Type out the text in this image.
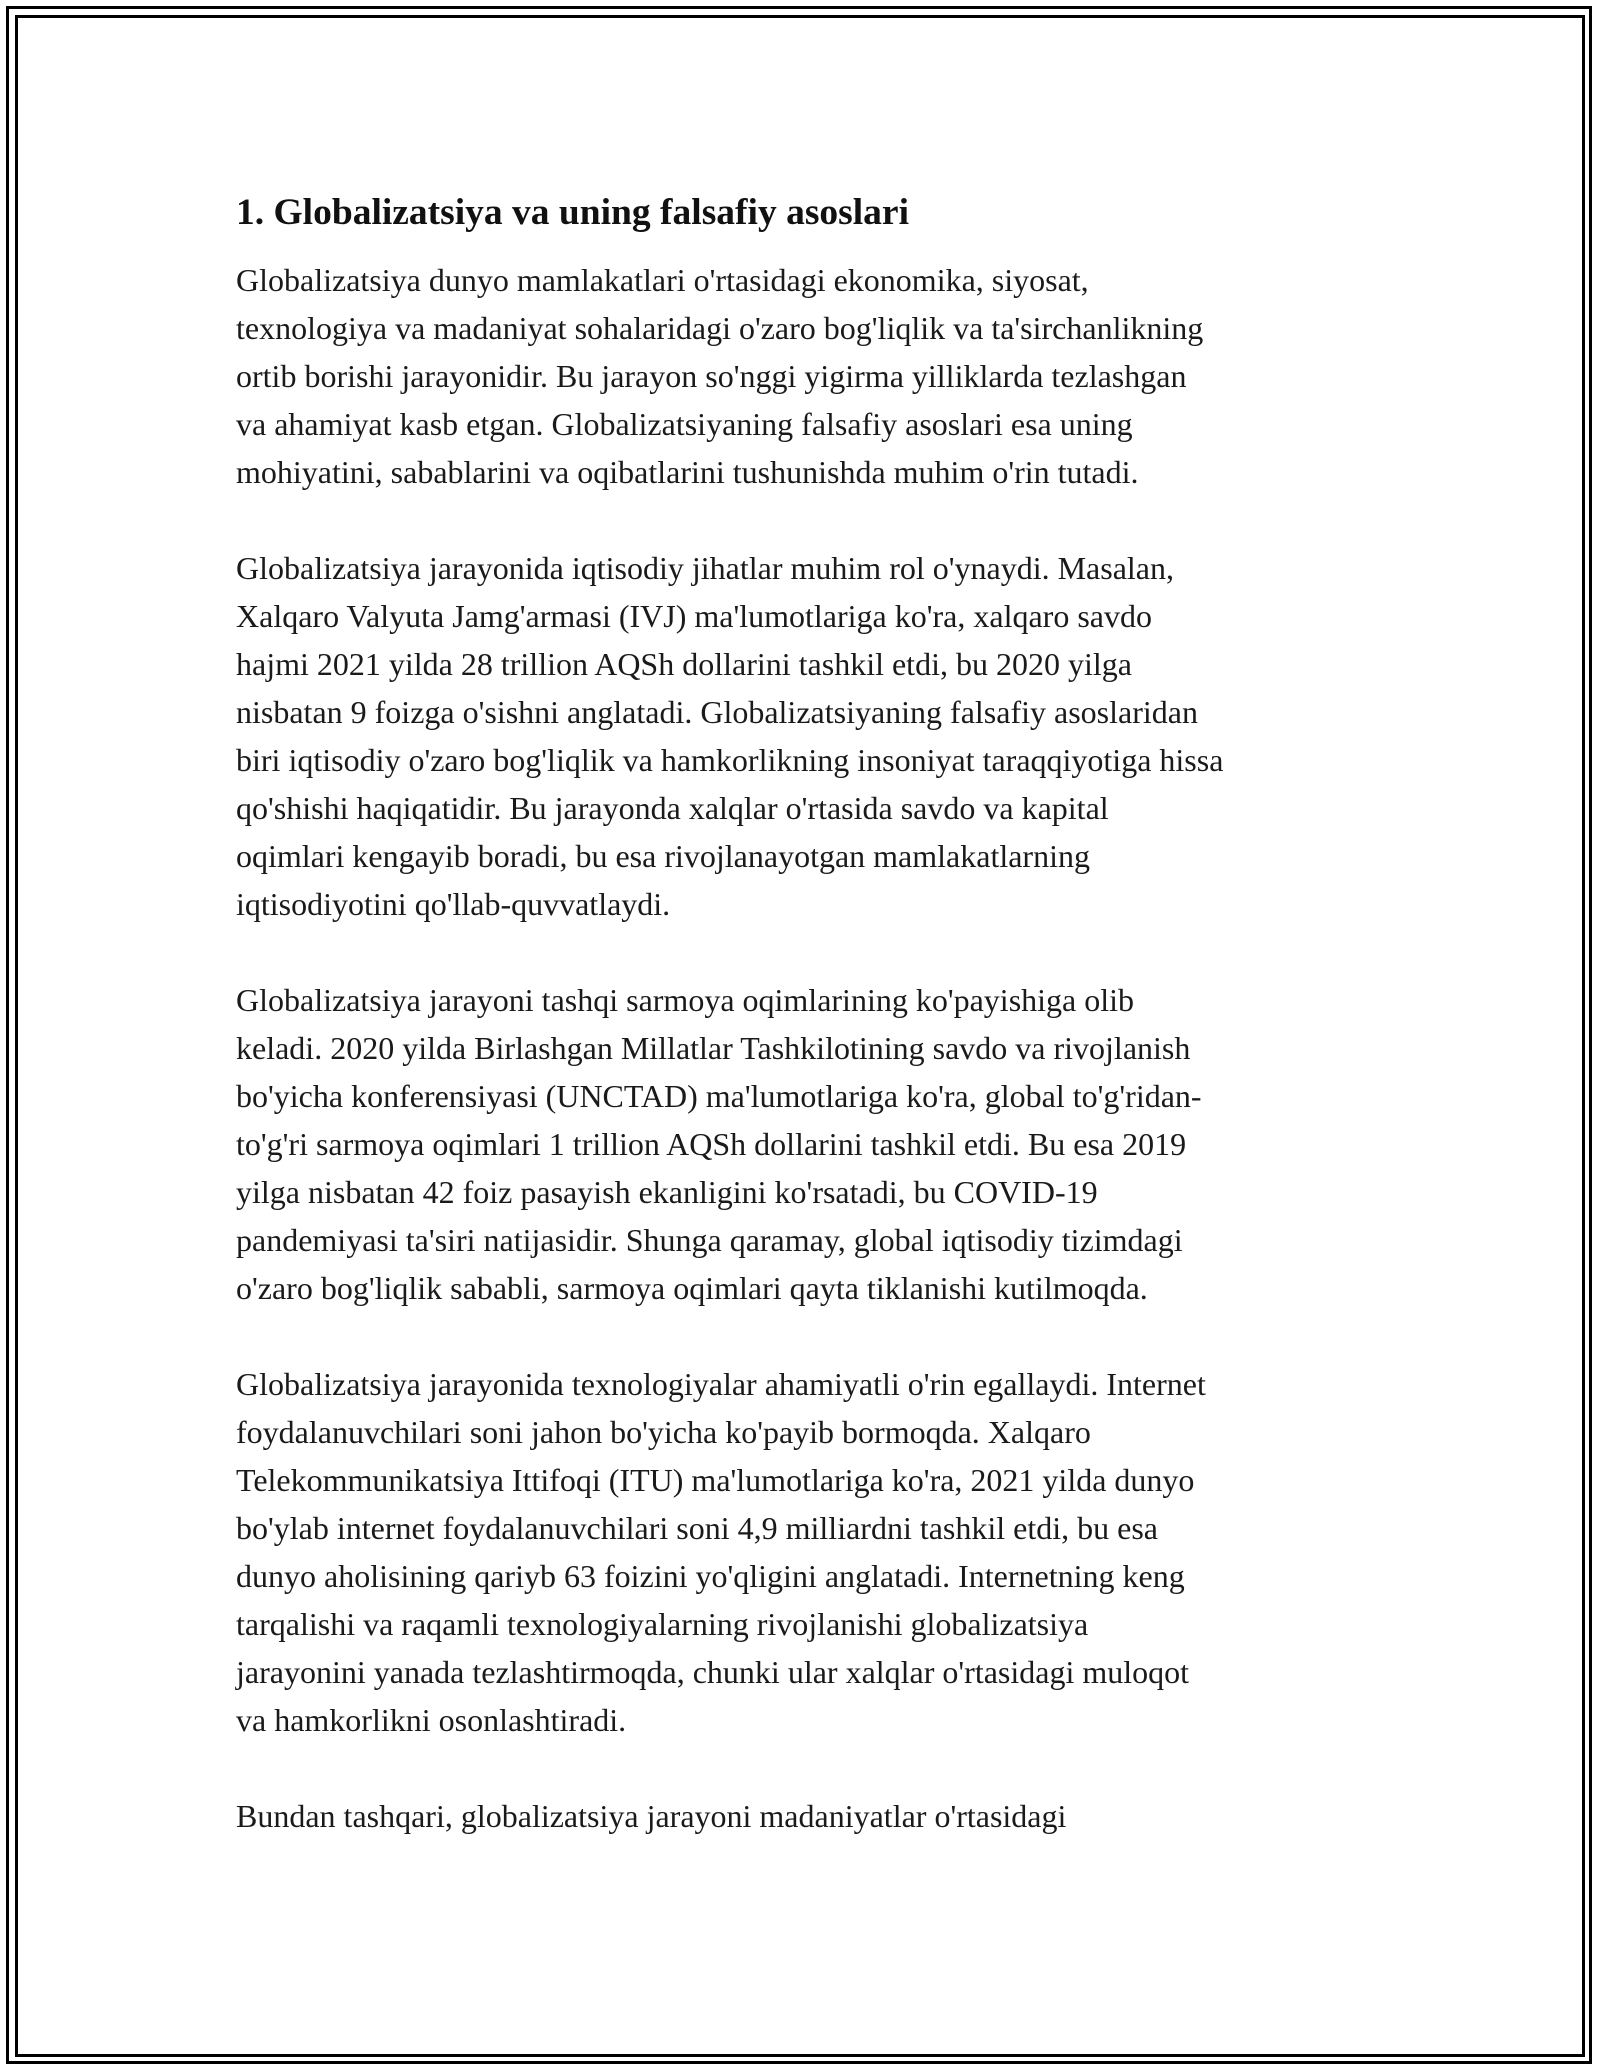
1. Globalizatsiya va uning falsafiy asoslari

Globalizatsiya dunyo mamlakatlari o'rtasidagi ekonomika, siyosat,
texnologiya va madaniyat sohalaridagi o'zaro bog'liqlik va ta'sirchanlikning
ortib borishi jarayonidir. Bu jarayon so'nggi yigirma yilliklarda tezlashgan
va ahamiyat kasb etgan. Globalizatsiyaning falsafiy asoslari esa uning
mohiyatini, sabablarini va oqibatlarini tushunishda muhim o'rin tutadi.

Globalizatsiya jarayonida iqtisodiy jihatlar muhim rol o'ynaydi. Masalan,
Xalqaro Valyuta Jamg'armasi (IVJ) ma'lumotlariga ko'ra, xalqaro savdo
hajmi 2021 yilda 28 trillion AQSh dollarini tashkil etdi, bu 2020 yilga
nisbatan 9 foizga o'sishni anglatadi. Globalizatsiyaning falsafiy asoslaridan
biri iqtisodiy o'zaro bog'liqlik va hamkorlikning insoniyat taraqqiyotiga hissa
qo'shishi haqiqatidir. Bu jarayonda xalqlar o'rtasida savdo va kapital
oqimlari kengayib boradi, bu esa rivojlanayotgan mamlakatlarning
iqtisodiyotini qo'llab-quvvatlaydi.

Globalizatsiya jarayoni tashqi sarmoya oqimlarining ko'payishiga olib
keladi. 2020 yilda Birlashgan Millatlar Tashkilotining savdo va rivojlanish
bo'yicha konferensiyasi (UNCTAD) ma'lumotlariga ko'ra, global to'g'ridan-
to'g'ri sarmoya oqimlari 1 trillion AQSh dollarini tashkil etdi. Bu esa 2019
yilga nisbatan 42 foiz pasayish ekanligini ko'rsatadi, bu COVID-19
pandemiyasi ta'siri natijasidir. Shunga qaramay, global iqtisodiy tizimdagi
o'zaro bog'liqlik sababli, sarmoya oqimlari qayta tiklanishi kutilmoqda.

Globalizatsiya jarayonida texnologiyalar ahamiyatli o'rin egallaydi. Internet
foydalanuvchilari soni jahon bo'yicha ko'payib bormoqda. Xalqaro
Telekommunikatsiya Ittifoqi (ITU) ma'lumotlariga ko'ra, 2021 yilda dunyo
bo'ylab internet foydalanuvchilari soni 4,9 milliardni tashkil etdi, bu esa
dunyo aholisining qariyb 63 foizini yo'qligini anglatadi. Internetning keng
tarqalishi va raqamli texnologiyalarning rivojlanishi globalizatsiya
jarayonini yanada tezlashtirmoqda, chunki ular xalqlar o'rtasidagi muloqot
va hamkorlikni osonlashtiradi.

Bundan tashqari, globalizatsiya jarayoni madaniyatlar o'rtasidagi
